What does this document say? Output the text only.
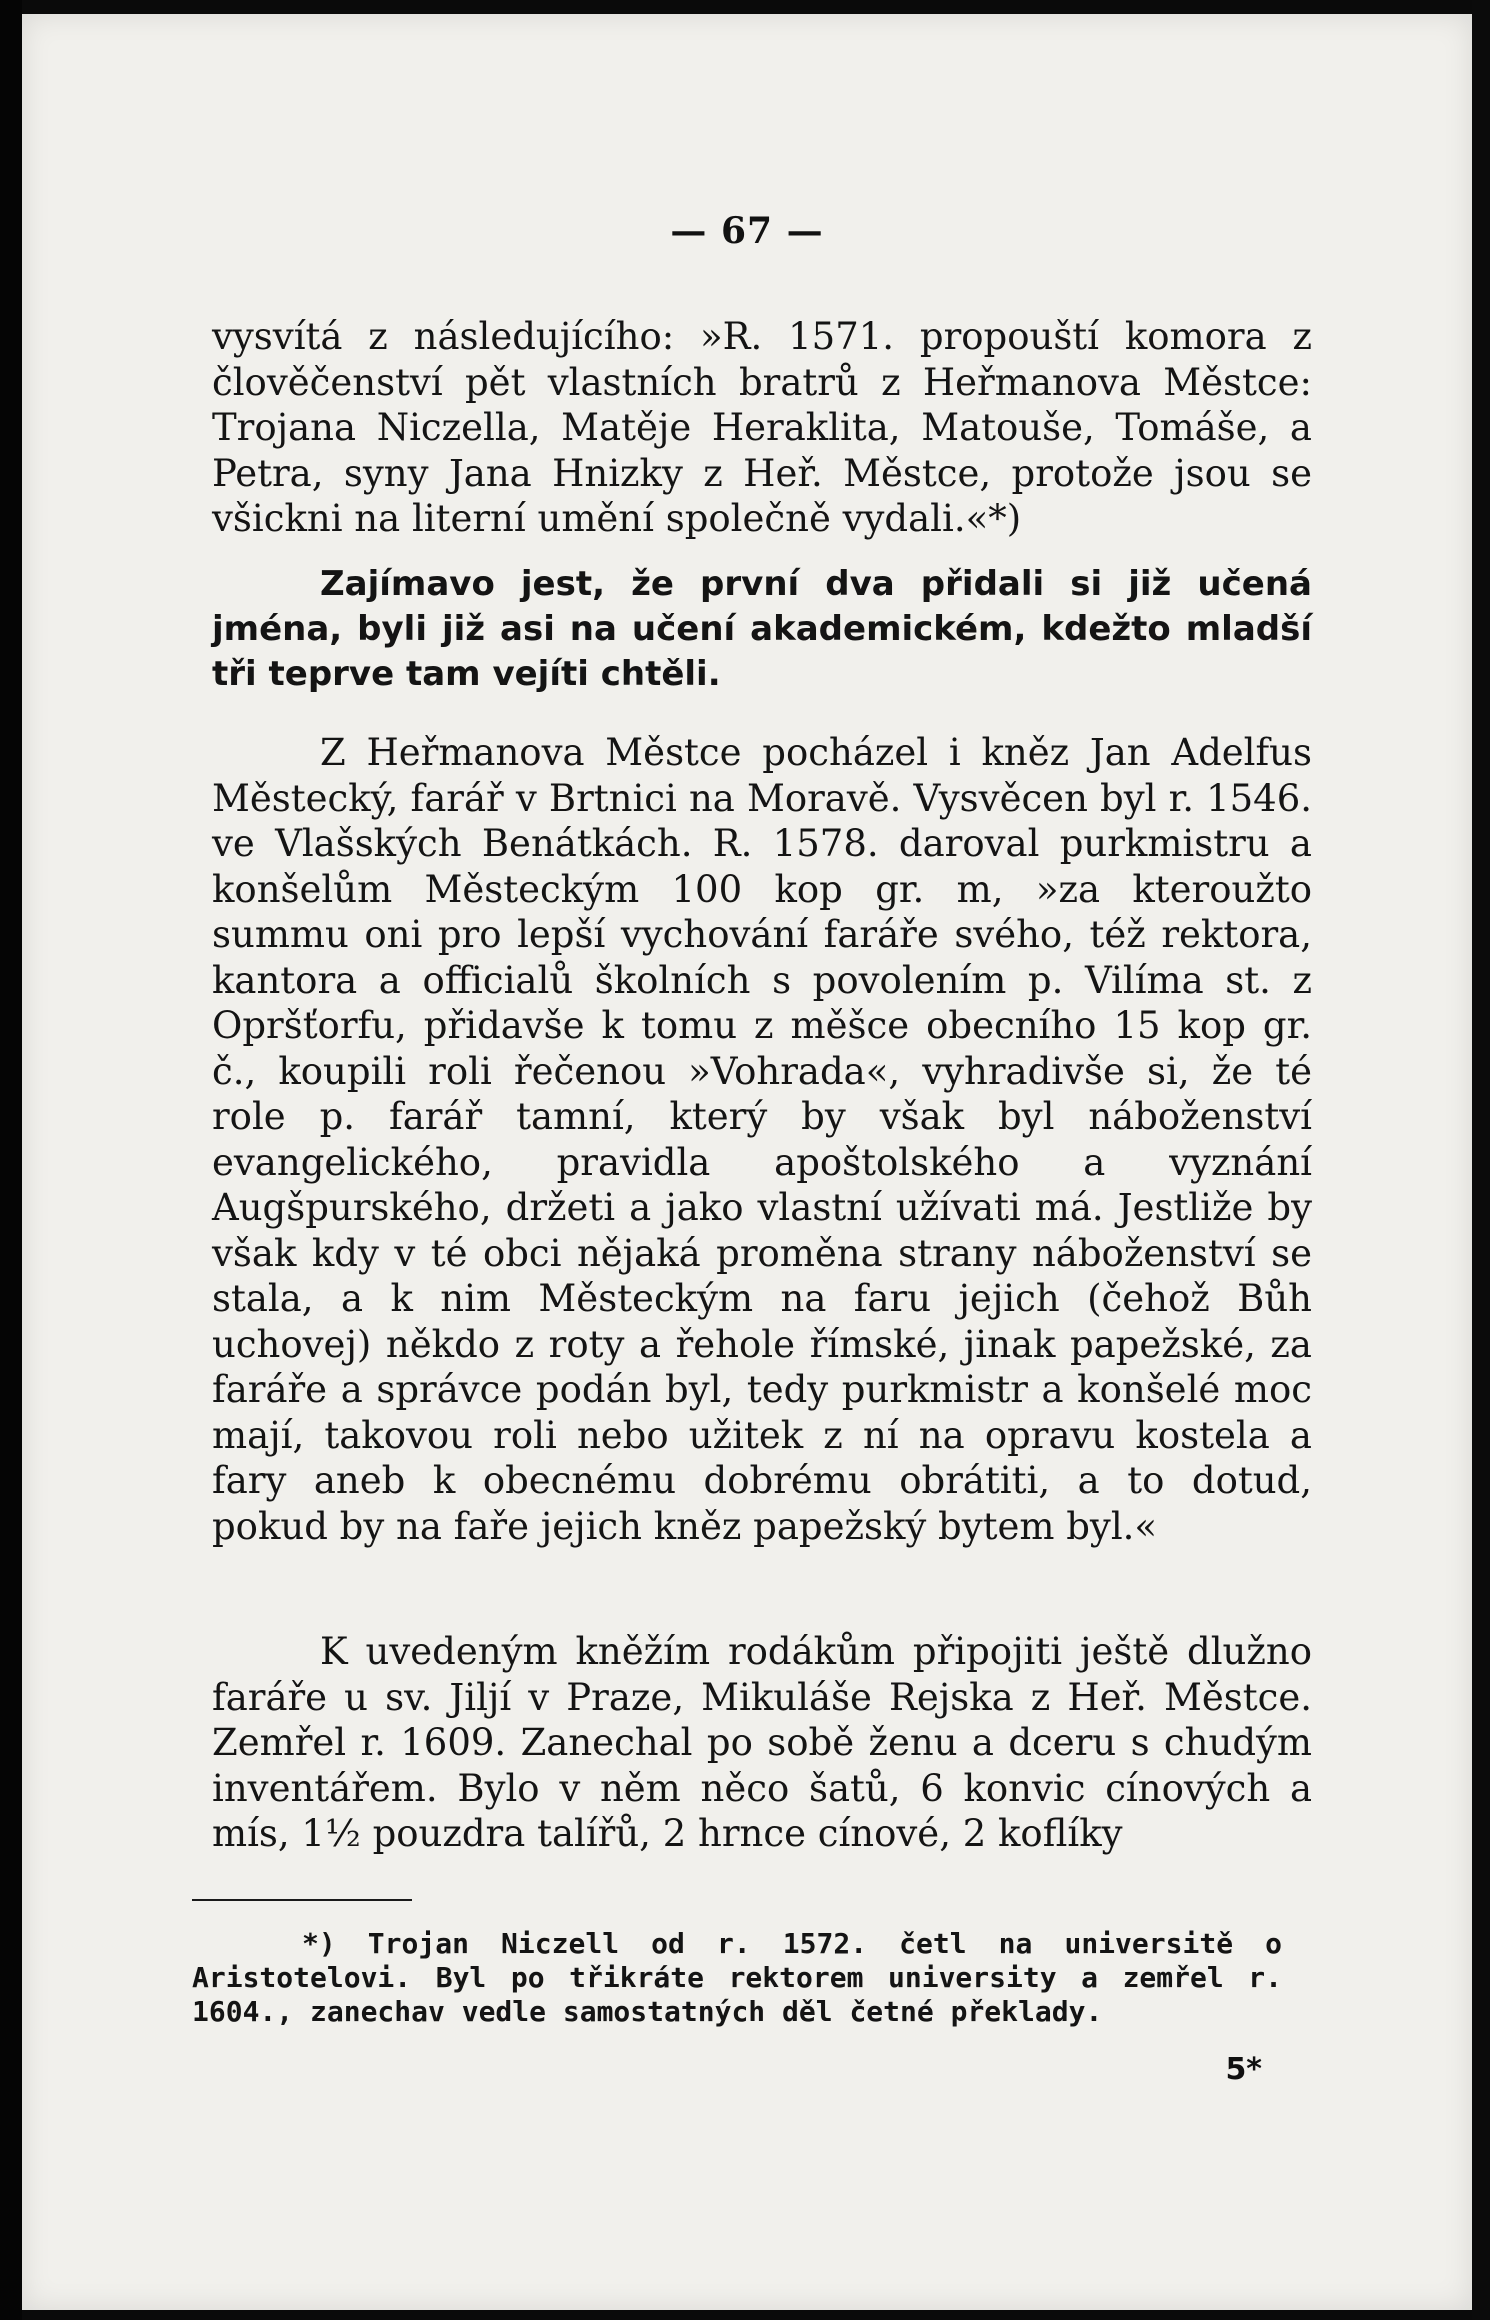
— 67 —
vysvítá z následujícího: »R. 1571. propouští komora z člověčenství pět vlastních bratrů z Heřmanova Městce: Trojana Niczella, Matěje Heraklita, Matouše, Tomáše, a Petra, syny Jana Hnizky z Heř. Městce, protože jsou se všickni na literní umění společně vydali.«*)
Zajímavo jest, že první dva přidali si již učená jména, byli již asi na učení akademickém, kdežto mladší tři teprve tam vejíti chtěli.
Z Heřmanova Městce pocházel i kněz Jan Adelfus Městecký, farář v Brtnici na Moravě. Vysvěcen byl r. 1546. ve Vlašských Benátkách. R. 1578. daroval purkmistru a konšelům Městeckým 100 kop gr. m, »za kteroužto summu oni pro lepší vychování faráře svého, též rektora, kantora a officialů školních s povolením p. Vilíma st. z Opršťorfu, přidavše k tomu z měšce obecního 15 kop gr. č., koupili roli řečenou »Vohrada«, vyhradivše si, že té role p. farář tamní, který by však byl náboženství evangelického, pravidla apoštolského a vyznání Augšpurského, držeti a jako vlastní užívati má. Jestliže by však kdy v té obci nějaká proměna strany náboženství se stala, a k nim Městeckým na faru jejich (čehož Bůh uchovej) někdo z roty a řehole římské, jinak papežské, za faráře a správce podán byl, tedy purkmistr a konšelé moc mají, takovou roli nebo užitek z ní na opravu kostela a fary aneb k obecnému dobrému obrátiti, a to dotud, pokud by na faře jejich kněz papežský bytem byl.«
K uvedeným kněžím rodákům připojiti ještě dlužno faráře u sv. Jiljí v Praze, Mikuláše Rejska z Heř. Městce. Zemřel r. 1609. Zanechal po sobě ženu a dceru s chudým inventářem. Bylo v něm něco šatů, 6 konvic cínových a mís, 1½ pouzdra talířů, 2 hrnce cínové, 2 koflíky
*) Trojan Niczell od r. 1572. četl na universitě o Aristotelovi. Byl po třikráte rektorem university a zemřel r. 1604., zanechav vedle samostatných děl četné překlady.
5*
